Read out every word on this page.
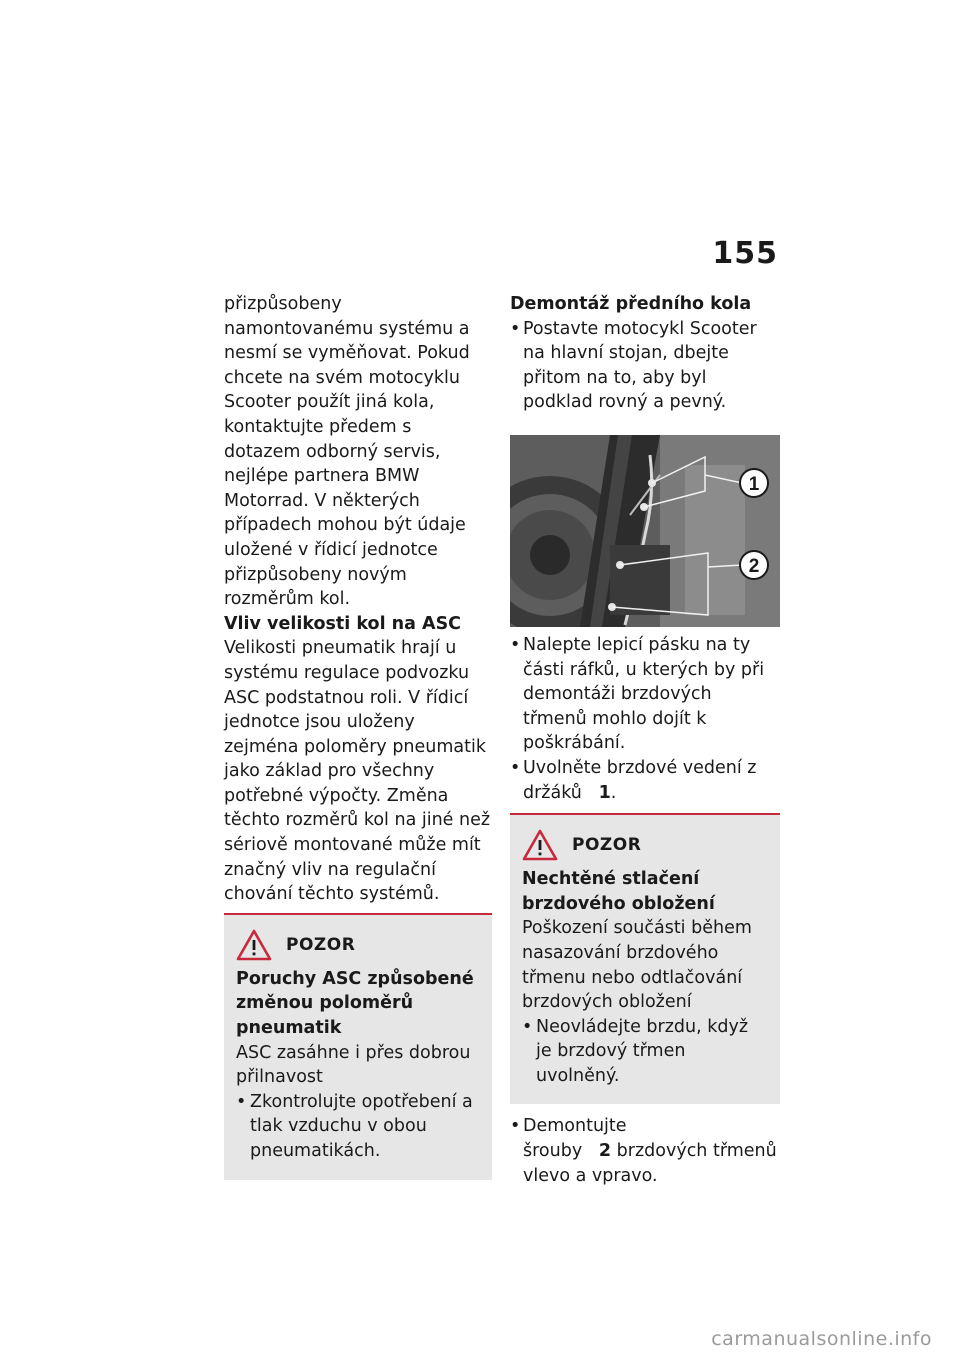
155

přizpůsobeny namontovanému systému a nesmí se vyměňovat. Pokud chcete na svém motocyklu Scooter použít jiná kola, kontaktujte předem s dotazem odborný servis, nejlépe partnera BMW Motorrad. V některých případech mohou být údaje uložené v řídicí jednotce přizpůsobeny novým rozměrům kol.

Vliv velikosti kol na ASC

Velikosti pneumatik hrají u systému regulace podvozku ASC podstatnou roli. V řídicí jednotce jsou uloženy zejména poloměry pneumatik jako základ pro všechny potřebné výpočty. Změna těchto rozměrů kol na jiné než sériově montované může mít značný vliv na regulační chování těchto systémů.

POZOR

Poruchy ASC způsobené změnou poloměrů pneumatik

ASC zasáhne i přes dobrou přilnavost

• Zkontrolujte opotřebení a tlak vzduchu v obou pneumatikách.

Demontáž předního kola

• Postavte motocykl Scooter na hlavní stojan, dbejte přitom na to, aby byl podklad rovný a pevný.

1
2

• Nalepte lepicí pásku na ty části ráfků, u kterých by při demontáži brzdových třmenů mohlo dojít k poškrábání.

• Uvolněte brzdové vedení z držáků 1.

POZOR

Nechtěné stlačení brzdového obložení

Poškození součásti během nasazování brzdového třmenu nebo odtlačování brzdových obložení

• Neovládejte brzdu, když je brzdový třmen uvolněný.

• Demontujte šrouby 2 brzdových třmenů vlevo a vpravo.

carmanualsonline.info
